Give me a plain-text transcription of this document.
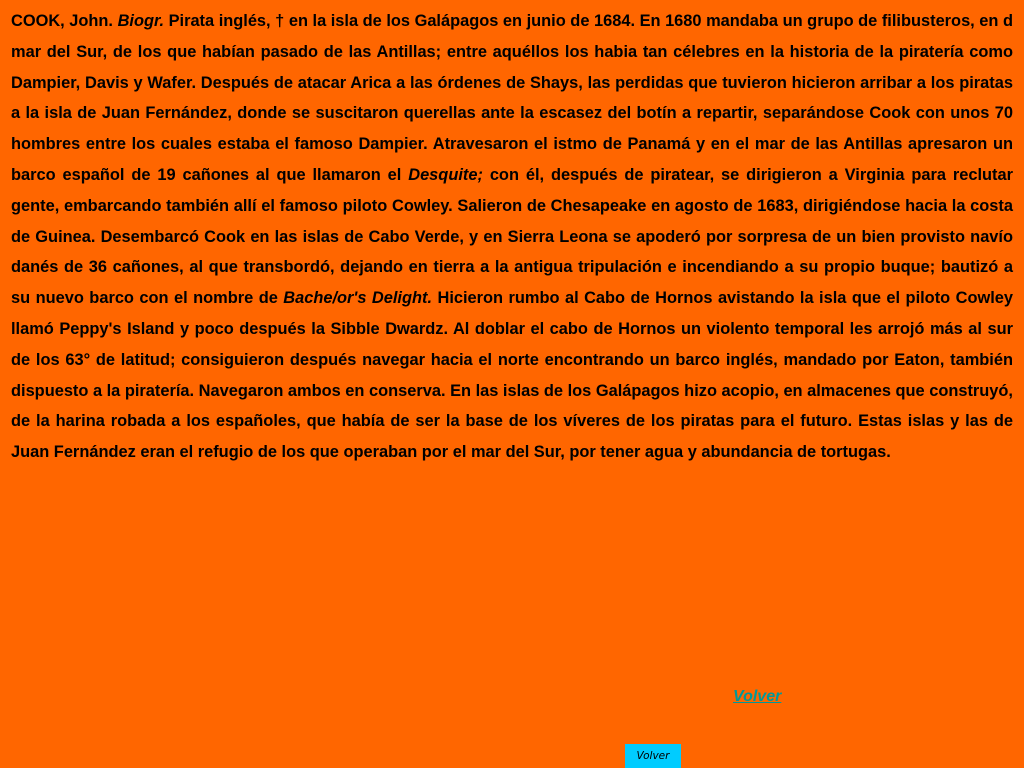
COOK, John. Biogr. Pirata inglés, † en la isla de los Galápagos en junio de 1684. En 1680 mandaba un grupo de filibusteros, en d mar del Sur, de los que habían pasado de las Antillas; entre aquéllos los habia tan célebres en la historia de la piratería como Dampier, Davis y Wafer. Después de atacar Arica a las órdenes de Shays, las perdidas que tuvieron hicieron arribar a los piratas a la isla de Juan Fernández, donde se suscitaron querellas ante la escasez del botín a repartir, separándose Cook con unos 70 hombres entre los cuales estaba el famoso Dampier. Atravesaron el istmo de Panamá y en el mar de las Antillas apresaron un barco español de 19 cañones al que llamaron el Desquite; con él, después de piratear, se dirigieron a Virginia para reclutar gente, embarcando también allí el famoso piloto Cowley. Salieron de Chesapeake en agosto de 1683, dirigiéndose hacia la costa de Guinea. Desembarcó Cook en las islas de Cabo Verde, y en Sierra Leona se apoderó por sorpresa de un bien provisto navío danés de 36 cañones, al que transbordó, dejando en tierra a la antigua tripulación e incendiando a su propio buque; bautizó a su nuevo barco con el nombre de Bache/or's Delight. Hicieron rumbo al Cabo de Hornos avistando la isla que el piloto Cowley llamó Peppy's Island y poco después la Sibble Dwardz. Al doblar el cabo de Hornos un violento temporal les arrojó más al sur de los 63° de latitud; consiguieron después navegar hacia el norte encontrando un barco inglés, mandado por Eaton, también dispuesto a la piratería. Navegaron ambos en conserva. En las islas de los Galápagos hizo acopio, en almacenes que construyó, de la harina robada a los españoles, que había de ser la base de los víveres de los piratas para el futuro. Estas islas y las de Juan Fernández eran el refugio de los que operaban por el mar del Sur, por tener agua y abundancia de tortugas.

Volver
Volver
